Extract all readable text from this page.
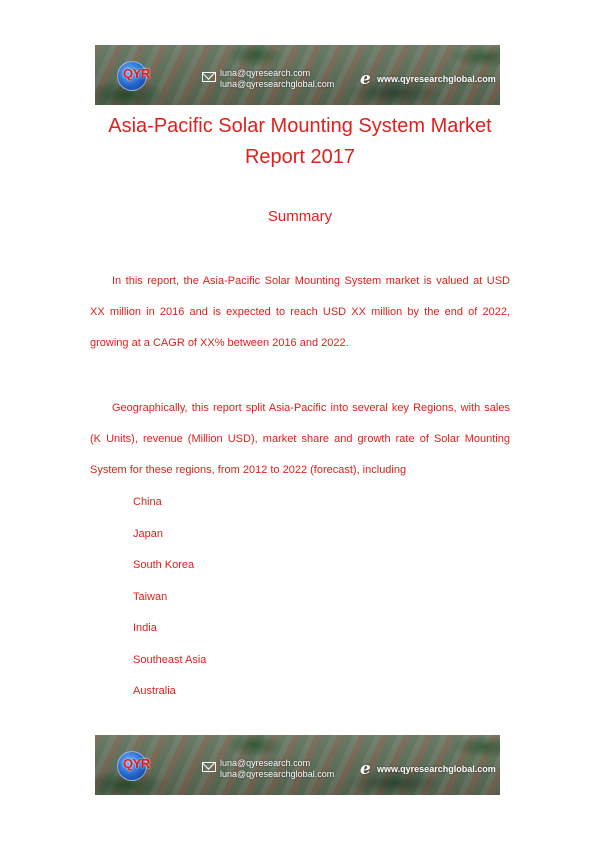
QYR	luna@qyresearch.com
luna@qyresearchglobal.com e www.qyresearchglobal.com
Asia-Pacific Solar Mounting System Market Report 2017
Summary

In this report, the Asia-Pacific Solar Mounting System market is valued at USD XX million in 2016 and is expected to reach USD XX million by the end of 2022, growing at a CAGR of XX% between 2016 and 2022.

Geographically, this report split Asia-Pacific into several key Regions, with sales (K Units), revenue (Million USD), market share and growth rate of Solar Mounting System for these regions, from 2012 to 2022 (forecast), including

China
Japan
South Korea
Taiwan
India
Southeast Asia
Australia
QYR	luna@qyresearch.com
luna@qyresearchglobal.com e www.qyresearchglobal.com
